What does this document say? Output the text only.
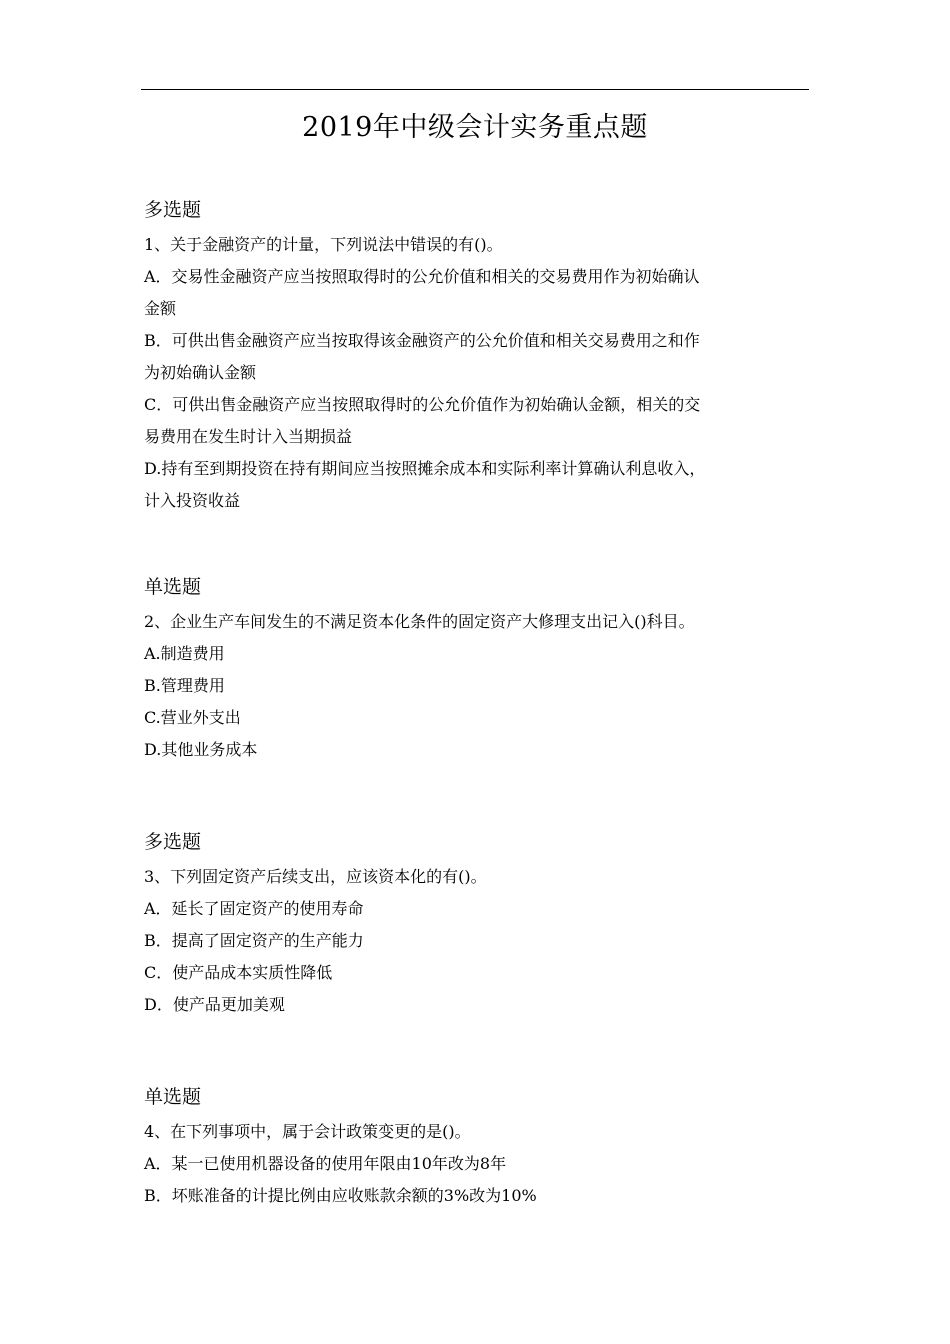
2019年中级会计实务重点题
多选题
1、关于金融资产的计量，下列说法中错误的有()。
A．交易性金融资产应当按照取得时的公允价值和相关的交易费用作为初始确认
金额
B．可供出售金融资产应当按取得该金融资产的公允价值和相关交易费用之和作
为初始确认金额
C．可供出售金融资产应当按照取得时的公允价值作为初始确认金额，相关的交
易费用在发生时计入当期损益
D.持有至到期投资在持有期间应当按照摊余成本和实际利率计算确认利息收入，
计入投资收益
单选题
2、企业生产车间发生的不满足资本化条件的固定资产大修理支出记入()科目。
A.制造费用
B.管理费用
C.营业外支出
D.其他业务成本
多选题
3、下列固定资产后续支出，应该资本化的有()。
A．延长了固定资产的使用寿命
B．提高了固定资产的生产能力
C．使产品成本实质性降低
D．使产品更加美观
单选题
4、在下列事项中，属于会计政策变更的是()。
A．某一已使用机器设备的使用年限由10年改为8年
B．坏账准备的计提比例由应收账款余额的3%改为10%
